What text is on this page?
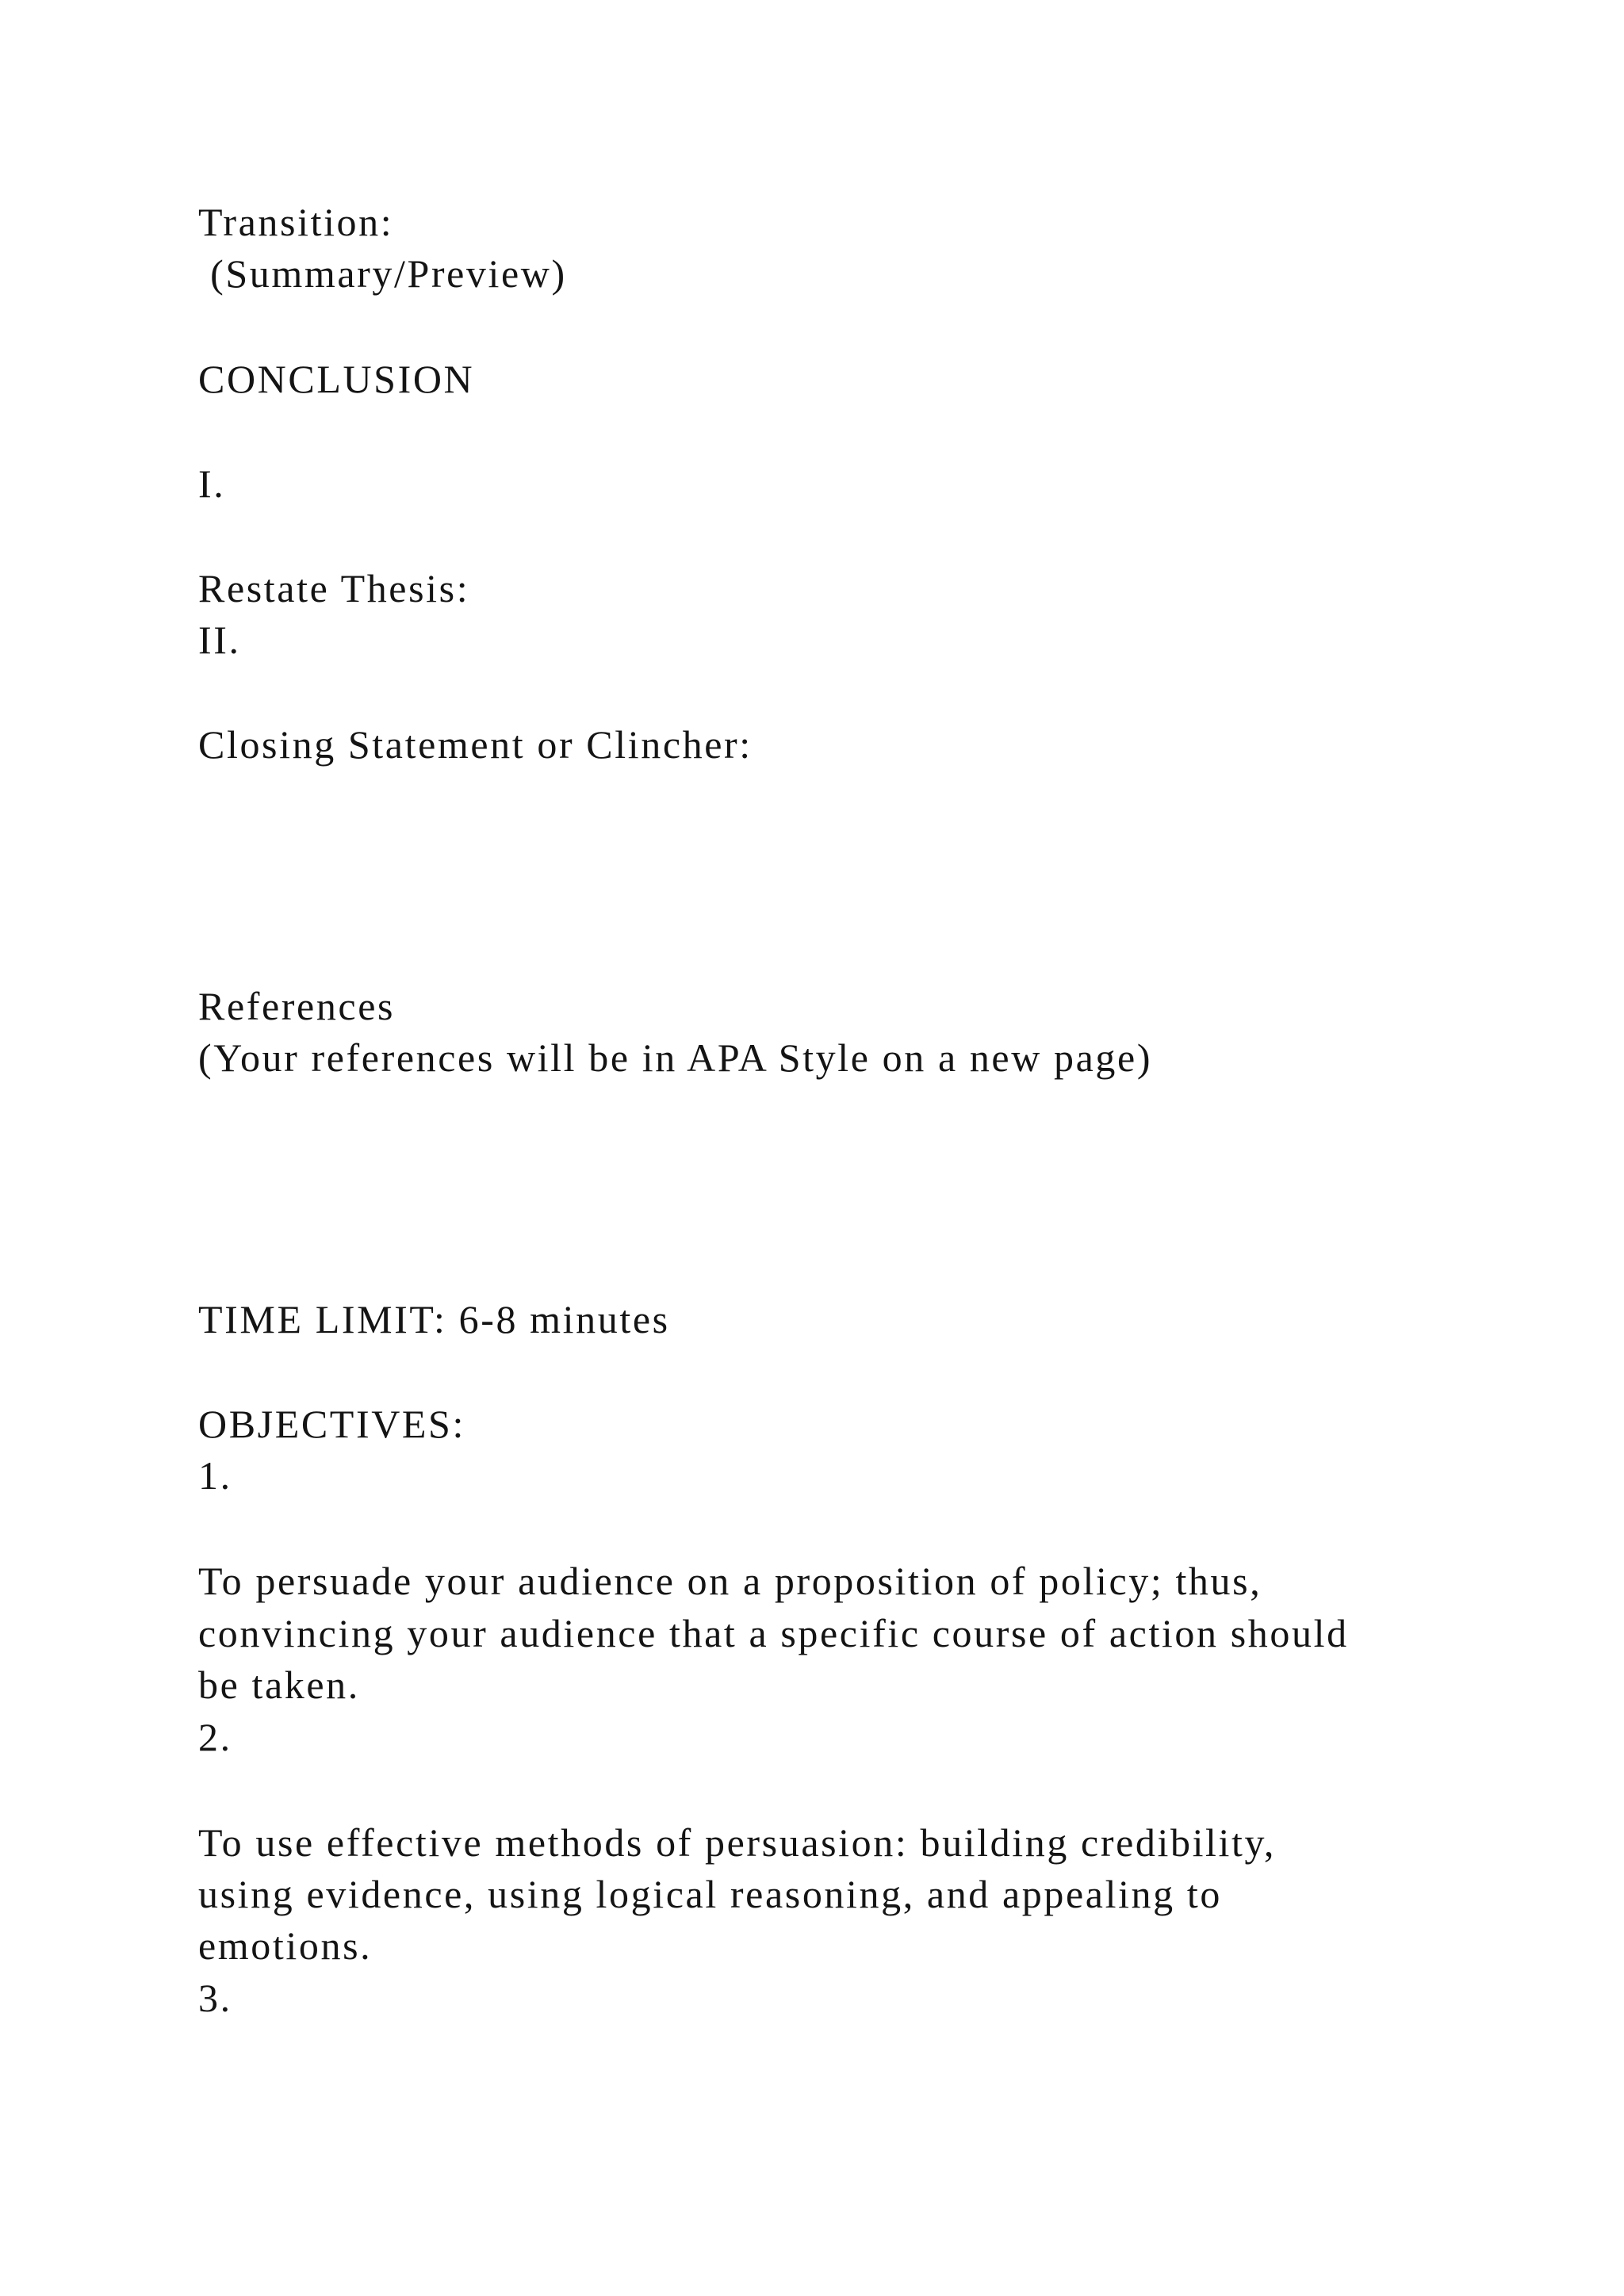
Transition:
(Summary/Preview)
CONCLUSION
I.
Restate Thesis:
II.
Closing Statement or Clincher:
References
(Your references will be in APA Style on a new page)
TIME LIMIT: 6-8 minutes
OBJECTIVES:
1.
To persuade your audience on a proposition of policy; thus,
convincing your audience that a specific course of action should
be taken.
2.
To use effective methods of persuasion: building credibility,
using evidence, using logical reasoning, and appealing to
emotions.
3.
